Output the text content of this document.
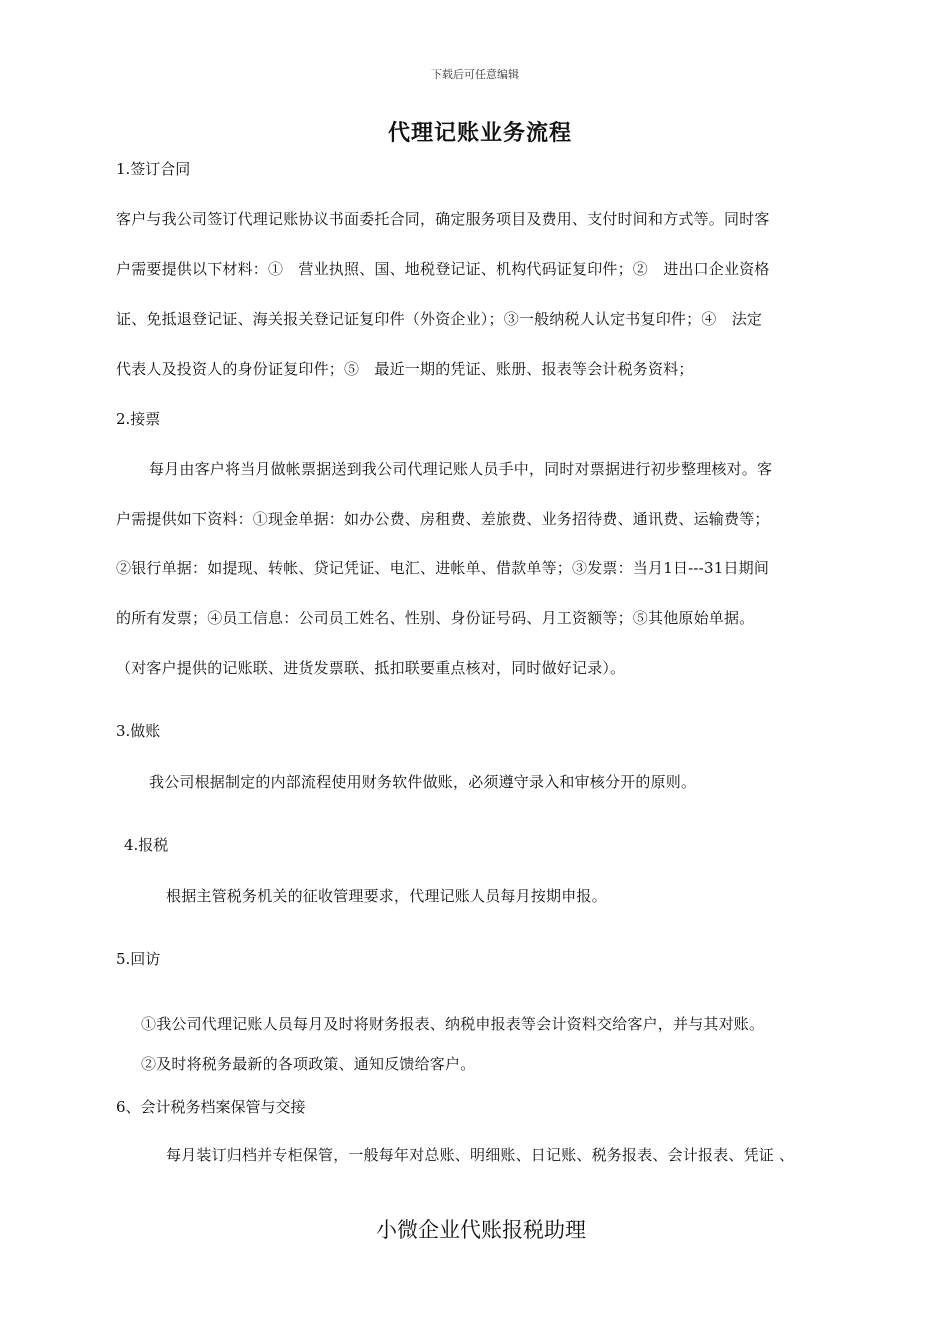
下载后可任意编辑
代理记账业务流程
1.签订合同
客户与我公司签订代理记账协议书面委托合同，确定服务项目及费用、支付时间和方式等。同时客
户需要提供以下材料：①　营业执照、国、地税登记证、机构代码证复印件；②　进出口企业资格
证、免抵退登记证、海关报关登记证复印件（外资企业）；③一般纳税人认定书复印件；④　法定
代表人及投资人的身份证复印件；⑤　最近一期的凭证、账册、报表等会计税务资料；
2.接票
每月由客户将当月做帐票据送到我公司代理记账人员手中，同时对票据进行初步整理核对。客
户需提供如下资料：①现金单据：如办公费、房租费、差旅费、业务招待费、通讯费、运输费等；
②银行单据：如提现、转帐、贷记凭证、电汇、进帐单、借款单等；③发票：当月1日---31日期间
的所有发票；④员工信息：公司员工姓名、性别、身份证号码、月工资额等；⑤其他原始单据。
（对客户提供的记账联、进货发票联、抵扣联要重点核对，同时做好记录）。
3.做账
我公司根据制定的内部流程使用财务软件做账，必须遵守录入和审核分开的原则。
4.报税
根据主管税务机关的征收管理要求，代理记账人员每月按期申报。
5.回访
①我公司代理记账人员每月及时将财务报表、纳税申报表等会计资料交给客户，并与其对账。
②及时将税务最新的各项政策、通知反馈给客户。
6、会计税务档案保管与交接
每月装订归档并专柜保管，一般每年对总账、明细账、日记账、税务报表、会计报表、凭证 、
小微企业代账报税助理
